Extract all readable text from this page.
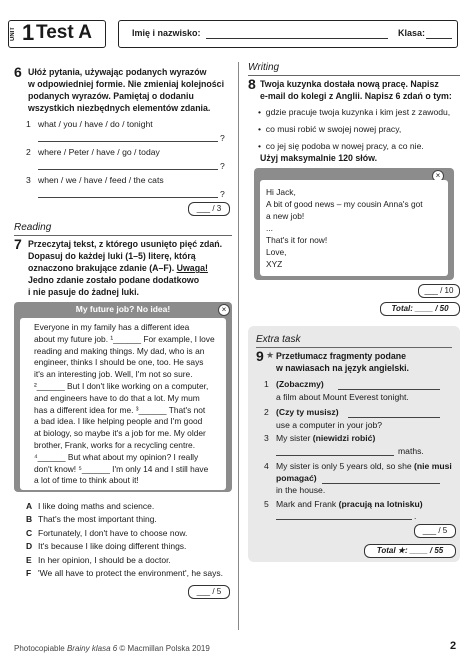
UNIT 1 Test A	Imię i nazwisko:	Klasa:
6 Ułóż pytania, używając podanych wyrazów
w odpowiedniej formie. Nie zmieniaj kolejności
podanych wyrazów. Pamiętaj o dodaniu
wszystkich niezbędnych elementów zdania.
1 what / you / have / do / tonight
?
2 where / Peter / have / go / today
?
3 when / we / have / feed / the cats
?
___ / 3
Reading
7 Przeczytaj tekst, z którego usunięto pięć zdań.
Dopasuj do każdej luki (1–5) literę, którą
oznaczono brakujące zdanie (A–F). Uwaga!
Jedno zdanie zostało podane dodatkowo
i nie pasuje do żadnej luki.
My future job? No idea!	×
Everyone in my family has a different idea
about my future job. ¹______ For example, I love
reading and making things. My dad, who is an
engineer, thinks I should be one, too. He says
it's an interesting job. Well, I'm not so sure.
²______ But I don't like working on a computer,
and engineers have to do that a lot. My mum
has a different idea for me. ³______ That's not
a bad idea. I like helping people and I'm good
at biology, so maybe it's a job for me. My older
brother, Frank, works for a recycling centre.
⁴______ But what about my opinion? I really
don't know! ⁵______ I'm only 14 and I still have
a lot of time to think about it!
A I like doing maths and science.
B That's the most important thing.
C Fortunately, I don't have to choose now.
D It's because I like doing different things.
E In her opinion, I should be a doctor.
F 'We all have to protect the environment', he says.
___ / 5
Writing
8 Twoja kuzynka dostała nową pracę. Napisz
e-mail do kolegi z Anglii. Napisz 6 zdań o tym:
•  gdzie pracuje twoja kuzynka i kim jest z zawodu,
•  co musi robić w swojej nowej pracy,
•  co jej się podoba w nowej pracy, a co nie.
Użyj maksymalnie 120 słów.
×
Hi Jack,
A bit of good news – my cousin Anna's got
a new job!
...
That's it for now!
Love,
XYZ
___ / 10
Total: ____ / 50
Extra task
9 ★ Przetłumacz fragmenty podane
w nawiasach na język angielski.
1 (Zobaczmy)
a film about Mount Everest tonight.
2 (Czy ty musisz)
use a computer in your job?
3 My sister (niewidzi robić)
maths.
4 My sister is only 5 years old, so she (nie musi
pomagać)
in the house.
5 Mark and Frank (pracują na lotnisku)
.
___ / 5
Total ★: ____ / 55
Photocopiable Brainy klasa 6 © Macmillan Polska 2019	2
